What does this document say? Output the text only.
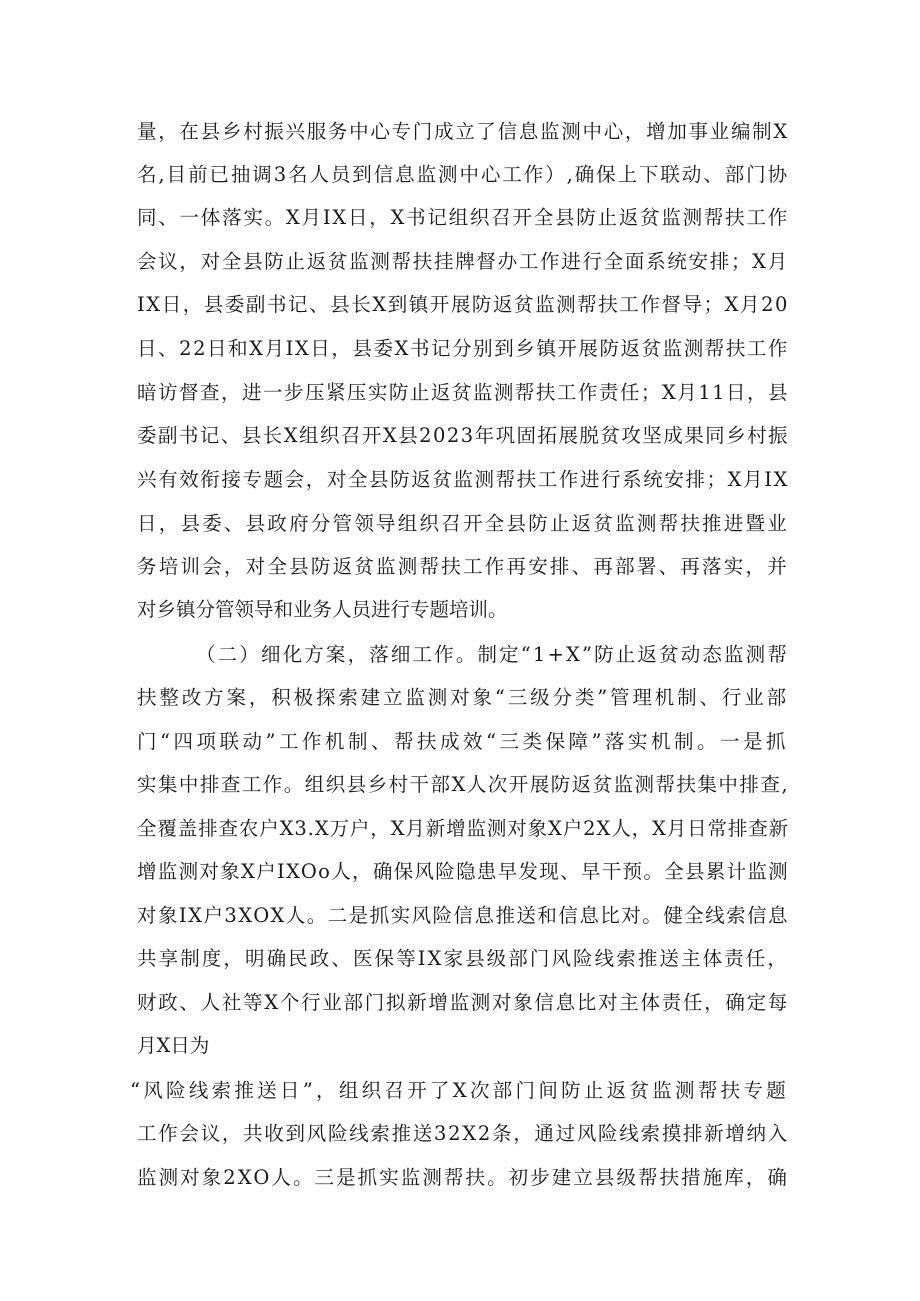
量，在县乡村振兴服务中心专门成立了信息监测中心，增加事业编制X
名,目前已抽调3名人员到信息监测中心工作）,确保上下联动、部门协
同、一体落实。X月IX日，X书记组织召开全县防止返贫监测帮扶工作
会议，对全县防止返贫监测帮扶挂牌督办工作进行全面系统安排；X月
IX日，县委副书记、县长X到镇开展防返贫监测帮扶工作督导；X月20
日、22日和X月IX日，县委X书记分别到乡镇开展防返贫监测帮扶工作
暗访督查，进一步压紧压实防止返贫监测帮扶工作责任；X月11日，县
委副书记、县长X组织召开X县2023年巩固拓展脱贫攻坚成果同乡村振
兴有效衔接专题会，对全县防返贫监测帮扶工作进行系统安排；X月IX
日，县委、县政府分管领导组织召开全县防止返贫监测帮扶推进暨业
务培训会，对全县防返贫监测帮扶工作再安排、再部署、再落实，并
对乡镇分管领导和业务人员进行专题培训。
（二）细化方案，落细工作。制定“1+X”防止返贫动态监测帮
扶整改方案，积极探索建立监测对象“三级分类”管理机制、行业部
门“四项联动”工作机制、帮扶成效“三类保障”落实机制。一是抓
实集中排查工作。组织县乡村干部X人次开展防返贫监测帮扶集中排查,
全覆盖排查农户X3.X万户，X月新增监测对象X户2X人，X月日常排查新
增监测对象X户IXOo人，确保风险隐患早发现、早干预。全县累计监测
对象IX户3XOX人。二是抓实风险信息推送和信息比对。健全线索信息
共享制度，明确民政、医保等IX家县级部门风险线索推送主体责任，
财政、人社等X个行业部门拟新增监测对象信息比对主体责任，确定每
月X日为
“风险线索推送日”，组织召开了X次部门间防止返贫监测帮扶专题
工作会议，共收到风险线索推送32X2条，通过风险线索摸排新增纳入
监测对象2XO人。三是抓实监测帮扶。初步建立县级帮扶措施库，确
